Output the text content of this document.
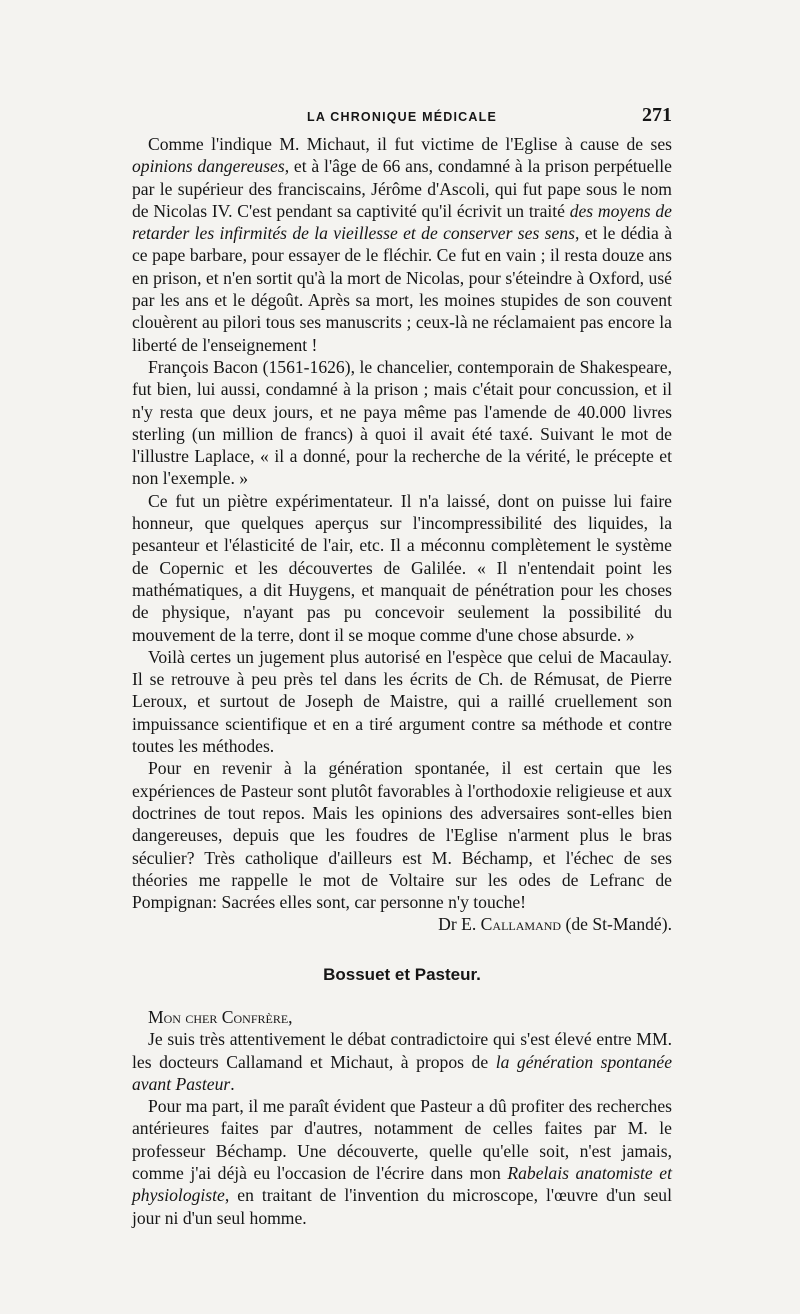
LA CHRONIQUE MÉDICALE	271

Comme l'indique M. Michaut, il fut victime de l'Eglise à cause de ses opinions dangereuses, et à l'âge de 66 ans, condamné à la prison perpétuelle par le supérieur des franciscains, Jérôme d'Ascoli, qui fut pape sous le nom de Nicolas IV. C'est pendant sa captivité qu'il écrivit un traité des moyens de retarder les infirmités de la vieillesse et de conserver ses sens, et le dédia à ce pape barbare, pour essayer de le fléchir. Ce fut en vain ; il resta douze ans en prison, et n'en sortit qu'à la mort de Nicolas, pour s'éteindre à Oxford, usé par les ans et le dégoût. Après sa mort, les moines stupides de son couvent clouèrent au pilori tous ses manuscrits ; ceux-là ne réclamaient pas encore la liberté de l'enseignement !

François Bacon (1561-1626), le chancelier, contemporain de Shakespeare, fut bien, lui aussi, condamné à la prison ; mais c'était pour concussion, et il n'y resta que deux jours, et ne paya même pas l'amende de 40.000 livres sterling (un million de francs) à quoi il avait été taxé. Suivant le mot de l'illustre Laplace, « il a donné, pour la recherche de la vérité, le précepte et non l'exemple. »

Ce fut un piètre expérimentateur. Il n'a laissé, dont on puisse lui faire honneur, que quelques aperçus sur l'incompressibilité des liquides, la pesanteur et l'élasticité de l'air, etc. Il a méconnu complètement le système de Copernic et les découvertes de Galilée. « Il n'entendait point les mathématiques, a dit Huygens, et manquait de pénétration pour les choses de physique, n'ayant pas pu concevoir seulement la possibilité du mouvement de la terre, dont il se moque comme d'une chose absurde. »

Voilà certes un jugement plus autorisé en l'espèce que celui de Macaulay. Il se retrouve à peu près tel dans les écrits de Ch. de Rémusat, de Pierre Leroux, et surtout de Joseph de Maistre, qui a raillé cruellement son impuissance scientifique et en a tiré argument contre sa méthode et contre toutes les méthodes.

Pour en revenir à la génération spontanée, il est certain que les expériences de Pasteur sont plutôt favorables à l'orthodoxie religieuse et aux doctrines de tout repos. Mais les opinions des adversaires sont-elles bien dangereuses, depuis que les foudres de l'Eglise n'arment plus le bras séculier? Très catholique d'ailleurs est M. Béchamp, et l'échec de ses théories me rappelle le mot de Voltaire sur les odes de Lefranc de Pompignan: Sacrées elles sont, car personne n'y touche!

Dr E. Callamand (de St-Mandé).

Bossuet et Pasteur.

Mon cher Confrère,

Je suis très attentivement le débat contradictoire qui s'est élevé entre MM. les docteurs Callamand et Michaut, à propos de la génération spontanée avant Pasteur.

Pour ma part, il me paraît évident que Pasteur a dû profiter des recherches antérieures faites par d'autres, notamment de celles faites par M. le professeur Béchamp. Une découverte, quelle qu'elle soit, n'est jamais, comme j'ai déjà eu l'occasion de l'écrire dans mon Rabelais anatomiste et physiologiste, en traitant de l'invention du microscope, l'œuvre d'un seul jour ni d'un seul homme.
